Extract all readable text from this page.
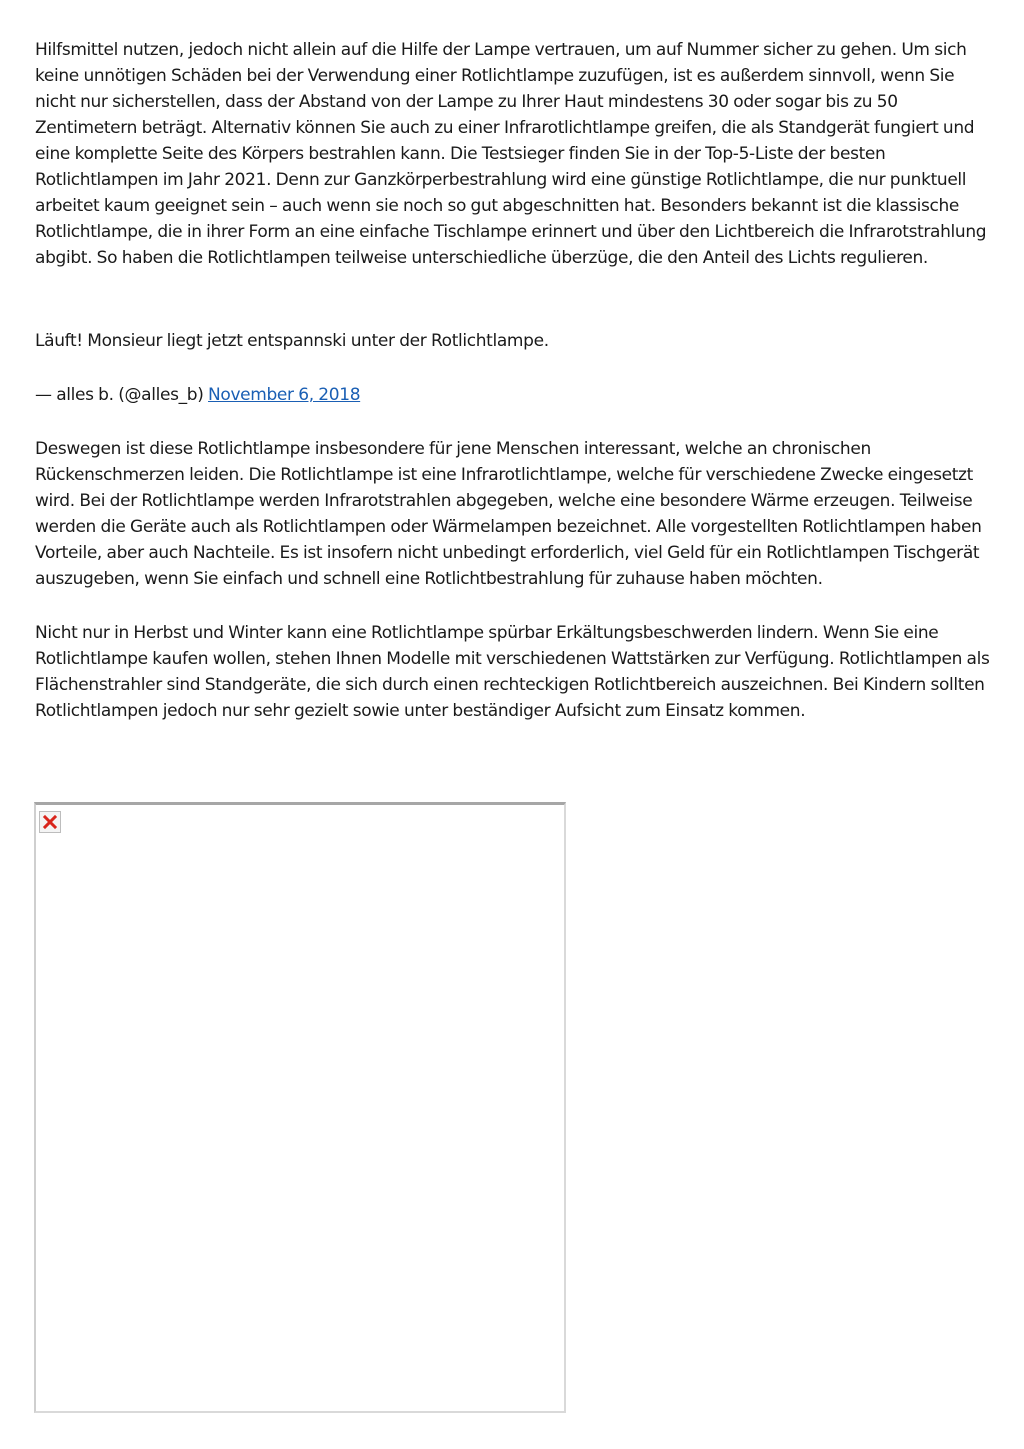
Hilfsmittel nutzen, jedoch nicht allein auf die Hilfe der Lampe vertrauen, um auf Nummer sicher zu gehen. Um sich keine unnötigen Schäden bei der Verwendung einer Rotlichtlampe zuzufügen, ist es außerdem sinnvoll, wenn Sie nicht nur sicherstellen, dass der Abstand von der Lampe zu Ihrer Haut mindestens 30 oder sogar bis zu 50 Zentimetern beträgt. Alternativ können Sie auch zu einer Infrarotlichtlampe greifen, die als Standgerät fungiert und eine komplette Seite des Körpers bestrahlen kann. Die Testsieger finden Sie in der Top-5-Liste der besten Rotlichtlampen im Jahr 2021. Denn zur Ganzkörperbestrahlung wird eine günstige Rotlichtlampe, die nur punktuell arbeitet kaum geeignet sein – auch wenn sie noch so gut abgeschnitten hat. Besonders bekannt ist die klassische Rotlichtlampe, die in ihrer Form an eine einfache Tischlampe erinnert und über den Lichtbereich die Infrarotstrahlung abgibt. So haben die Rotlichtlampen teilweise unterschiedliche überzüge, die den Anteil des Lichts regulieren.

Läuft! Monsieur liegt jetzt entspannski unter der Rotlichtlampe.

— alles b. (@alles_b) November 6, 2018

Deswegen ist diese Rotlichtlampe insbesondere für jene Menschen interessant, welche an chronischen Rückenschmerzen leiden. Die Rotlichtlampe ist eine Infrarotlichtlampe, welche für verschiedene Zwecke eingesetzt wird. Bei der Rotlichtlampe werden Infrarotstrahlen abgegeben, welche eine besondere Wärme erzeugen. Teilweise werden die Geräte auch als Rotlichtlampen oder Wärmelampen bezeichnet. Alle vorgestellten Rotlichtlampen haben Vorteile, aber auch Nachteile. Es ist insofern nicht unbedingt erforderlich, viel Geld für ein Rotlichtlampen Tischgerät auszugeben, wenn Sie einfach und schnell eine Rotlichtbestrahlung für zuhause haben möchten.

Nicht nur in Herbst und Winter kann eine Rotlichtlampe spürbar Erkältungsbeschwerden lindern. Wenn Sie eine Rotlichtlampe kaufen wollen, stehen Ihnen Modelle mit verschiedenen Wattstärken zur Verfügung. Rotlichtlampen als Flächenstrahler sind Standgeräte, die sich durch einen rechteckigen Rotlichtbereich auszeichnen. Bei Kindern sollten Rotlichtlampen jedoch nur sehr gezielt sowie unter beständiger Aufsicht zum Einsatz kommen.
